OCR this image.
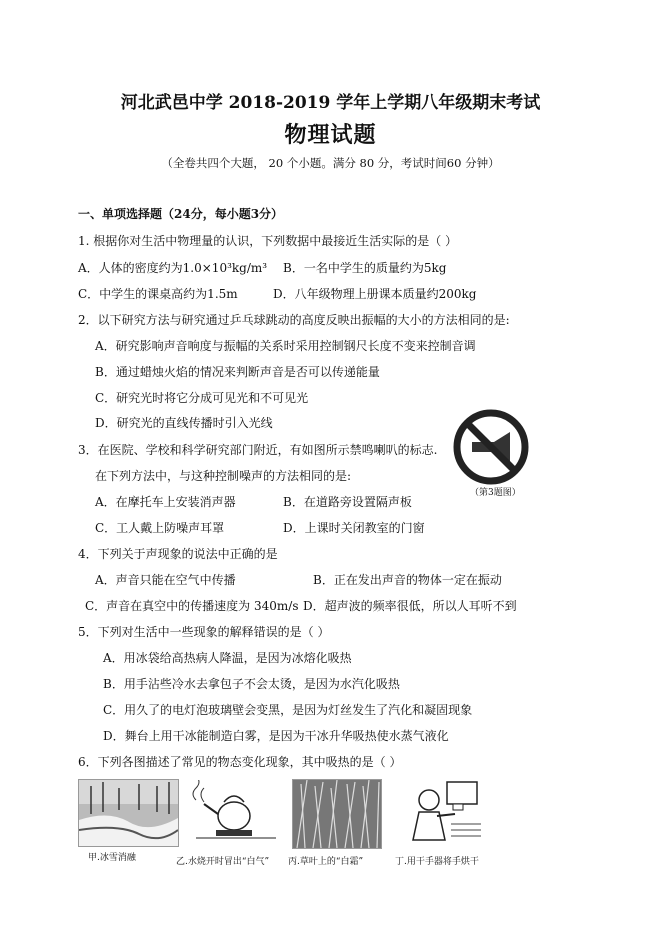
河北武邑中学 2018-2019 学年上学期八年级期末考试
物理试题
（全卷共四个大题， 20 个小题。满分 80 分，考试时间60 分钟）
一、单项选择题（24分，每小题3分）
1. 根据你对生活中物理量的认识，下列数据中最接近生活实际的是（ ）
A．人体的密度约为1.0×10³kg/m³ B．一名中学生的质量约为5kg
C．中学生的课桌高约为1.5m	D．八年级物理上册课本质量约200kg
2．以下研究方法与研究通过乒乓球跳动的高度反映出振幅的大小的方法相同的是:
A．研究影响声音响度与振幅的关系时采用控制钢尺长度不变来控制音调
B．通过蜡烛火焰的情况来判断声音是否可以传递能量
C．研究光时将它分成可见光和不可见光
D．研究光的直线传播时引入光线
3．在医院、学校和科学研究部门附近，有如图所示禁鸣喇叭的标志.
在下列方法中，与这种控制噪声的方法相同的是:
A．在摩托车上安装消声器	B．在道路旁设置隔声板
C．工人戴上防噪声耳罩	D．上课时关闭教室的门窗
（第3题图）
4．下列关于声现象的说法中正确的是
A．声音只能在空气中传播	B．正在发出声音的物体一定在振动
C．声音在真空中的传播速度为 340m/s D．超声波的频率很低，所以人耳听不到
5．下列对生活中一些现象的解释错误的是（ ）
A．用冰袋给高热病人降温，是因为冰熔化吸热
B．用手沾些冷水去拿包子不会太烫，是因为水汽化吸热
C．用久了的电灯泡玻璃壁会变黑，是因为灯丝发生了汽化和凝固现象
D．舞台上用干冰能制造白雾，是因为干冰升华吸热使水蒸气液化
6．下列各图描述了常见的物态变化现象，其中吸热的是（ ）
甲.冰雪消融	乙.水烧开时冒出“白气” 丙.草叶上的“白霜”	丁.用干手器将手烘干
